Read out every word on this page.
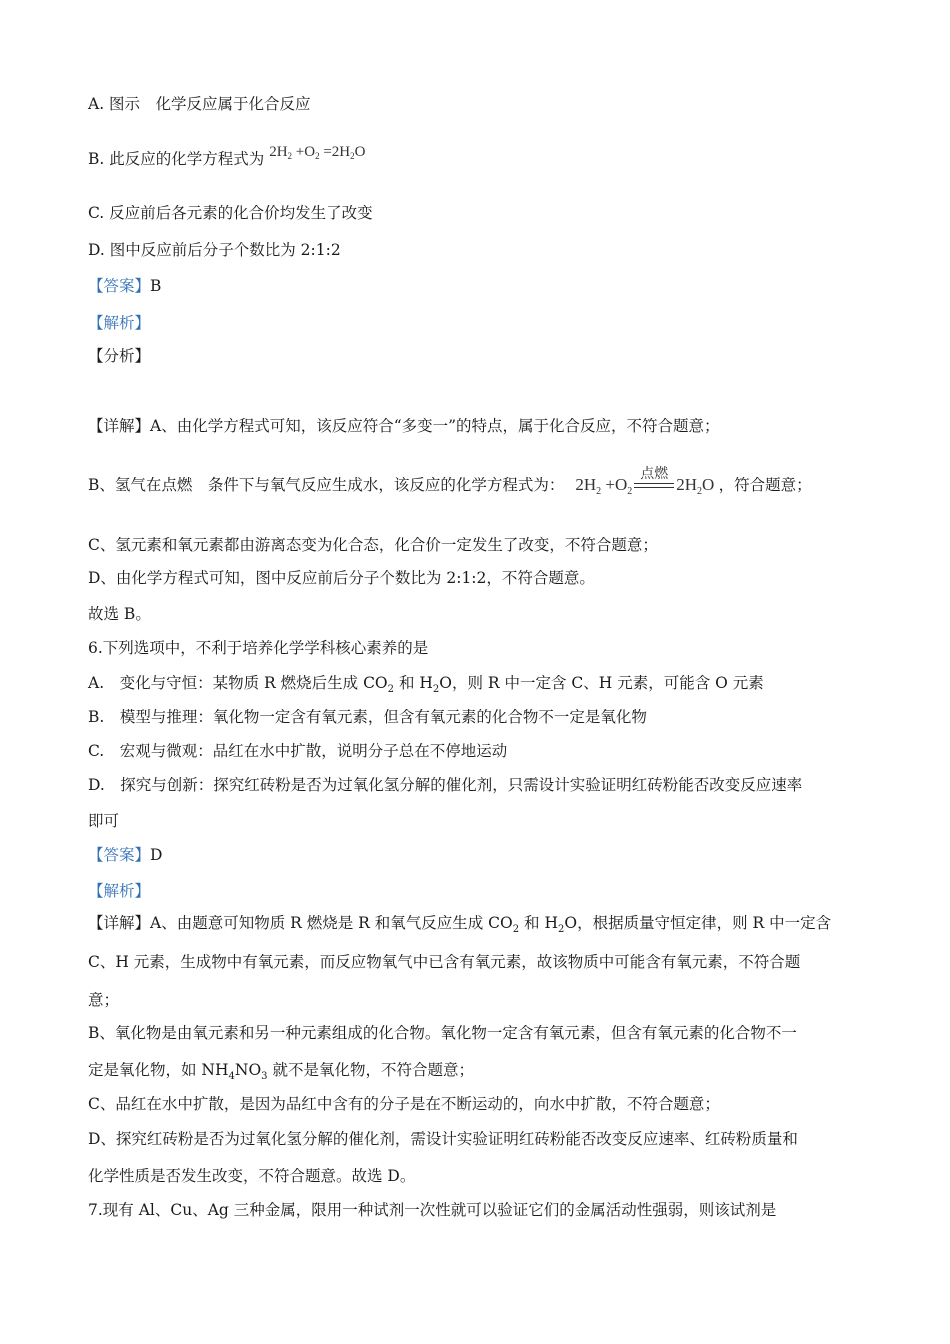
A. 图示　化学反应属于化合反应
B. 此反应的化学方程式为 $2H_2 +O_2 =2H_2O$
C. 反应前后各元素的化合价均发生了改变
D. 图中反应前后分子个数比为 2:1:2
【答案】B
【解析】
【分析】
【详解】A、由化学方程式可知，该反应符合“多变一”的特点，属于化合反应，不符合题意；
B、氢气在点燃　条件下与氧气反应生成水，该反应的化学方程式为： $2H_2 +O_2$
点燃
$2H_2O$ ，符合题意；
C、氢元素和氧元素都由游离态变为化合态，化合价一定发生了改变，不符合题意；
D、由化学方程式可知，图中反应前后分子个数比为 2:1:2，不符合题意。
故选 B。
6.下列选项中，不利于培养化学学科核心素养的是
A.　变化与守恒：某物质 R 燃烧后生成 $CO_2$ 和 $H_2O$，则 R 中一定含 C、H 元素，可能含 O 元素
B.　模型与推理：氧化物一定含有氧元素，但含有氧元素的化合物不一定是氧化物
C.　宏观与微观：品红在水中扩散，说明分子总在不停地运动
D.　探究与创新：探究红砖粉是否为过氧化氢分解的催化剂，只需设计实验证明红砖粉能否改变反应速率
即可
【答案】D
【解析】
【详解】A、由题意可知物质 R 燃烧是 R 和氧气反应生成 $CO_2$ 和 $H_2O$，根据质量守恒定律，则 R 中一定含
C、H 元素，生成物中有氧元素，而反应物氧气中已含有氧元素，故该物质中可能含有氧元素，不符合题
意；
B、氧化物是由氧元素和另一种元素组成的化合物。氧化物一定含有氧元素，但含有氧元素的化合物不一
定是氧化物，如 $NH_4NO_3$ 就不是氧化物，不符合题意；
C、品红在水中扩散，是因为品红中含有的分子是在不断运动的，向水中扩散，不符合题意；
D、探究红砖粉是否为过氧化氢分解的催化剂，需设计实验证明红砖粉能否改变反应速率、红砖粉质量和
化学性质是否发生改变，不符合题意。故选 D。
7.现有 Al、Cu、Ag 三种金属，限用一种试剂一次性就可以验证它们的金属活动性强弱，则该试剂是
